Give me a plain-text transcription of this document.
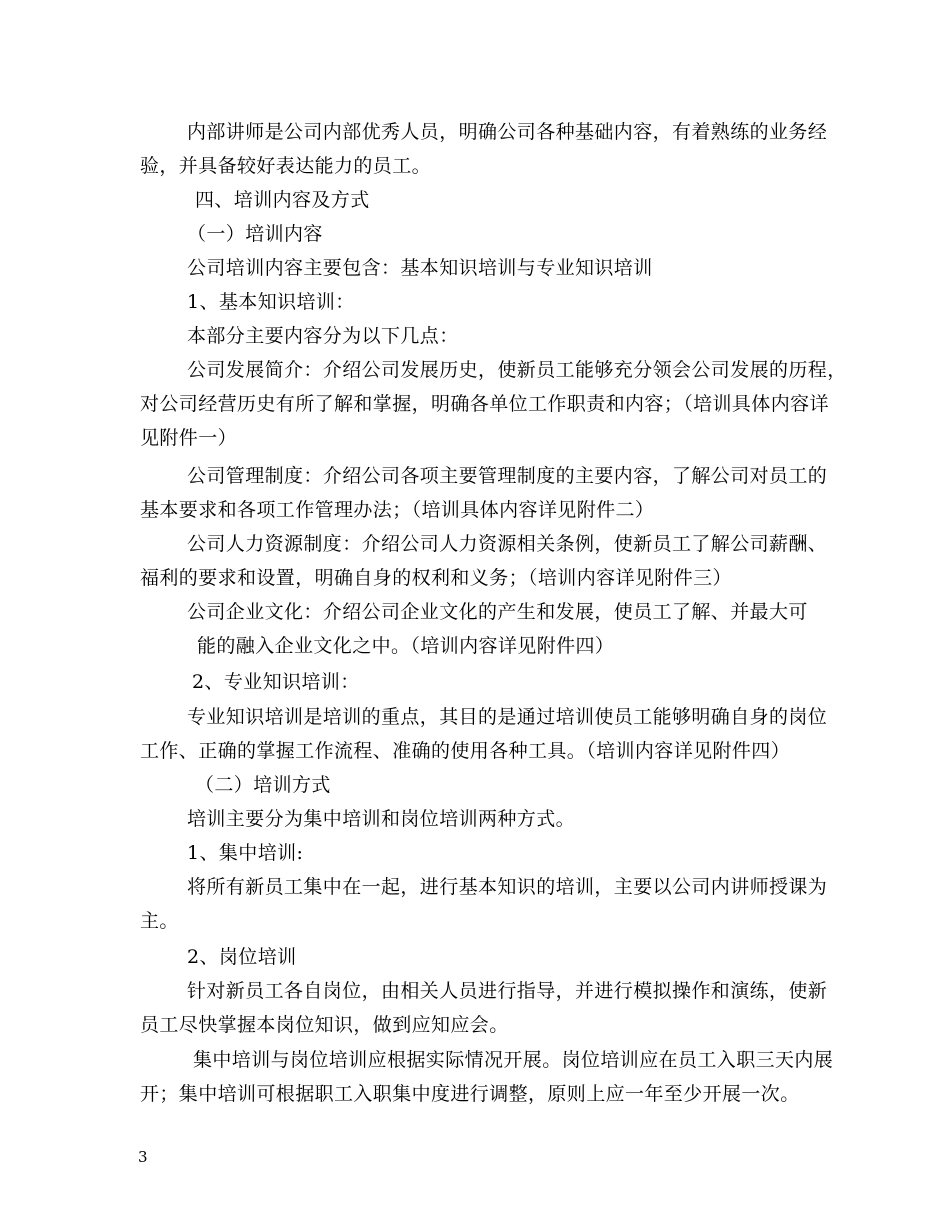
内部讲师是公司内部优秀人员，明确公司各种基础内容，有着熟练的业务经
验，并具备较好表达能力的员工。
四、培训内容及方式
（一）培训内容
公司培训内容主要包含：基本知识培训与专业知识培训
1、基本知识培训：
本部分主要内容分为以下几点：
公司发展简介：介绍公司发展历史，使新员工能够充分领会公司发展的历程，
对公司经营历史有所了解和掌握，明确各单位工作职责和内容；（培训具体内容详
见附件一）
公司管理制度：介绍公司各项主要管理制度的主要内容，了解公司对员工的
基本要求和各项工作管理办法；（培训具体内容详见附件二）
公司人力资源制度：介绍公司人力资源相关条例，使新员工了解公司薪酬、
福利的要求和设置，明确自身的权利和义务；（培训内容详见附件三）
公司企业文化：介绍公司企业文化的产生和发展，使员工了解、并最大可
能的融入企业文化之中。（培训内容详见附件四）
2、专业知识培训：
专业知识培训是培训的重点，其目的是通过培训使员工能够明确自身的岗位
工作、正确的掌握工作流程、准确的使用各种工具。（培训内容详见附件四）
（二）培训方式
培训主要分为集中培训和岗位培训两种方式。
1、集中培训:
将所有新员工集中在一起，进行基本知识的培训，主要以公司内讲师授课为
主。
2、岗位培训
针对新员工各自岗位，由相关人员进行指导，并进行模拟操作和演练，使新
员工尽快掌握本岗位知识，做到应知应会。
集中培训与岗位培训应根据实际情况开展。岗位培训应在员工入职三天内展
开；集中培训可根据职工入职集中度进行调整，原则上应一年至少开展一次。
3
